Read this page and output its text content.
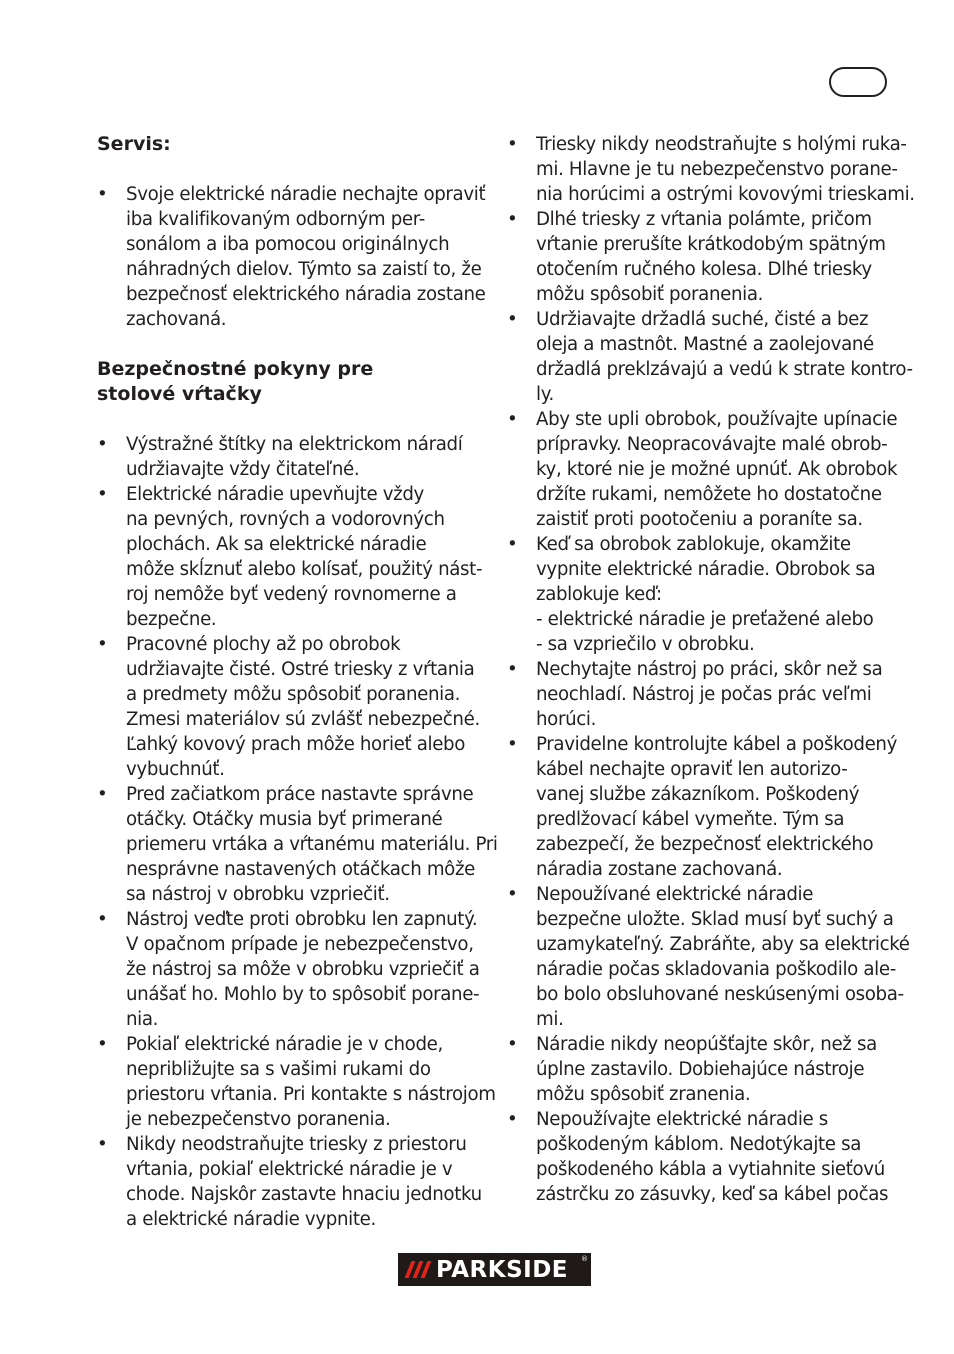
Servis:
•	Svoje elektrické náradie nechajte opraviť
iba kvalifikovaným odborným per-
sonálom a iba pomocou originálnych
náhradných dielov. Týmto sa zaistí to, že
bezpečnosť elektrického náradia zostane
zachovaná.
Bezpečnostné pokyny pre
stolové vŕtačky
•	Výstražné štítky na elektrickom náradí
udržiavajte vždy čitateľné.
•	Elektrické náradie upevňujte vždy
na pevných, rovných a vodorovných
plochách. Ak sa elektrické náradie
môže skĺznuť alebo kolísať, použitý nást-
roj nemôže byť vedený rovnomerne a
bezpečne.
•	Pracovné plochy až po obrobok
udržiavajte čisté. Ostré triesky z vŕtania
a predmety môžu spôsobiť poranenia.
Zmesi materiálov sú zvlášť nebezpečné.
Ľahký kovový prach môže horieť alebo
vybuchnúť.
•	Pred začiatkom práce nastavte správne
otáčky. Otáčky musia byť primerané
priemeru vrtáka a vŕtanému materiálu. Pri
nesprávne nastavených otáčkach môže
sa nástroj v obrobku vzpriečiť.
•	Nástroj veďte proti obrobku len zapnutý.
V opačnom prípade je nebezpečenstvo,
že nástroj sa môže v obrobku vzpriečiť a
unášať ho. Mohlo by to spôsobiť porane-
nia.
•	Pokiaľ elektrické náradie je v chode,
nepribližujte sa s vašimi rukami do
priestoru vŕtania. Pri kontakte s nástrojom
je nebezpečenstvo poranenia.
•	Nikdy neodstraňujte triesky z priestoru
vŕtania, pokiaľ elektrické náradie je v
chode. Najskôr zastavte hnaciu jednotku
a elektrické náradie vypnite.
•	Triesky nikdy neodstraňujte s holými ruka-
mi. Hlavne je tu nebezpečenstvo porane-
nia horúcimi a ostrými kovovými trieskami.
•	Dlhé triesky z vŕtania polámte, pričom
vŕtanie prerušíte krátkodobým spätným
otočením ručného kolesa. Dlhé triesky
môžu spôsobiť poranenia.
•	Udržiavajte držadlá suché, čisté a bez
oleja a mastnôt. Mastné a zaolejované
držadlá preklzávajú a vedú k strate kontro-
ly.
•	Aby ste upli obrobok, používajte upínacie
prípravky. Neopracovávajte malé obrob-
ky, ktoré nie je možné upnúť. Ak obrobok
držíte rukami, nemôžete ho dostatočne
zaistiť proti pootočeniu a poraníte sa.
•	Keď sa obrobok zablokuje, okamžite
vypnite elektrické náradie. Obrobok sa
zablokuje keď:
- elektrické náradie je preťažené alebo
- sa vzpriečilo v obrobku.
•	Nechytajte nástroj po práci, skôr než sa
neochladí. Nástroj je počas prác veľmi
horúci.
•	Pravidelne kontrolujte kábel a poškodený
kábel nechajte opraviť len autorizo-
vanej službe zákazníkom. Poškodený
predlžovací kábel vymeňte. Tým sa
zabezpečí, že bezpečnosť elektrického
náradia zostane zachovaná.
•	Nepoužívané elektrické náradie
bezpečne uložte. Sklad musí byť suchý a
uzamykateľný. Zabráňte, aby sa elektrické
náradie počas skladovania poškodilo ale-
bo bolo obsluhované neskúsenými osoba-
mi.
•	Náradie nikdy neopúšťajte skôr, než sa
úplne zastavilo. Dobiehajúce nástroje
môžu spôsobiť zranenia.
•	Nepoužívajte elektrické náradie s
poškodeným káblom. Nedotýkajte sa
poškodeného kábla a vytiahnite sieťovú
zástrčku zo zásuvky, keď sa kábel počas
PARKSIDE ®
